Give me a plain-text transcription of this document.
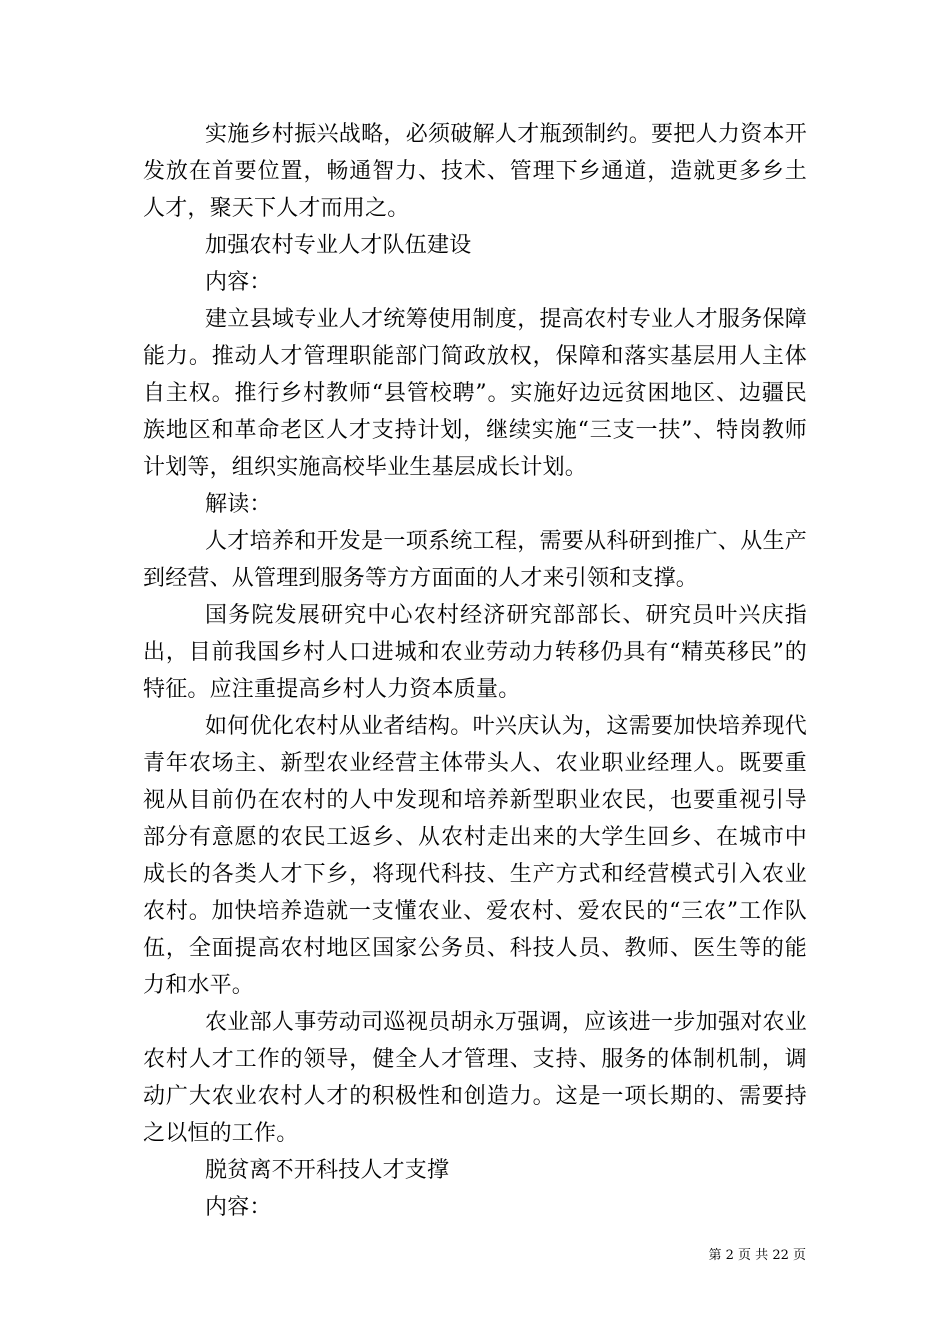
实施乡村振兴战略，必须破解人才瓶颈制约。要把人力资本开发放在首要位置，畅通智力、技术、管理下乡通道，造就更多乡土人才，聚天下人才而用之。

加强农村专业人才队伍建设

内容：

建立县域专业人才统筹使用制度，提高农村专业人才服务保障能力。推动人才管理职能部门简政放权，保障和落实基层用人主体自主权。推行乡村教师“县管校聘”。实施好边远贫困地区、边疆民族地区和革命老区人才支持计划，继续实施“三支一扶”、特岗教师计划等，组织实施高校毕业生基层成长计划。

解读：

人才培养和开发是一项系统工程，需要从科研到推广、从生产到经营、从管理到服务等方方面面的人才来引领和支撑。

国务院发展研究中心农村经济研究部部长、研究员叶兴庆指出，目前我国乡村人口进城和农业劳动力转移仍具有“精英移民”的特征。应注重提高乡村人力资本质量。

如何优化农村从业者结构。叶兴庆认为，这需要加快培养现代青年农场主、新型农业经营主体带头人、农业职业经理人。既要重视从目前仍在农村的人中发现和培养新型职业农民，也要重视引导部分有意愿的农民工返乡、从农村走出来的大学生回乡、在城市中成长的各类人才下乡，将现代科技、生产方式和经营模式引入农业农村。加快培养造就一支懂农业、爱农村、爱农民的“三农”工作队伍，全面提高农村地区国家公务员、科技人员、教师、医生等的能力和水平。

农业部人事劳动司巡视员胡永万强调，应该进一步加强对农业农村人才工作的领导，健全人才管理、支持、服务的体制机制，调动广大农业农村人才的积极性和创造力。这是一项长期的、需要持之以恒的工作。

脱贫离不开科技人才支撑

内容：

第 2 页 共 22 页
